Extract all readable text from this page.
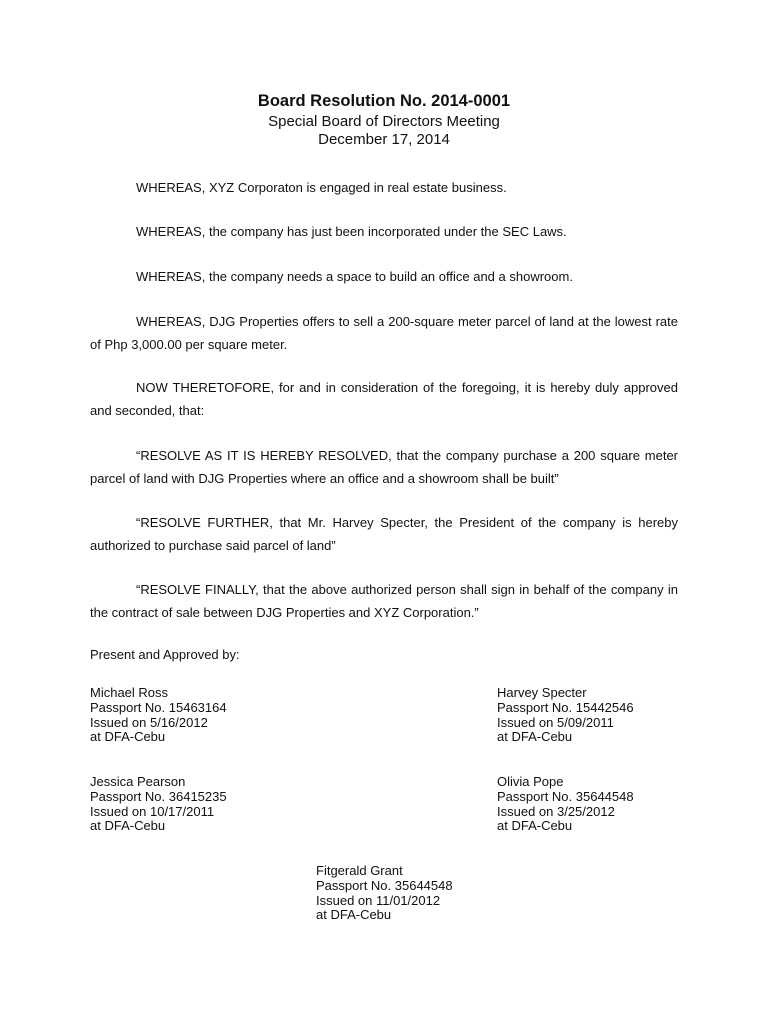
Board Resolution No. 2014-0001
Special Board of Directors Meeting
December 17, 2014
WHEREAS, XYZ Corporaton is engaged in real estate business.
WHEREAS, the company has just been incorporated under the SEC Laws.
WHEREAS, the company needs a space to build an office and a showroom.
WHEREAS, DJG Properties offers to sell a 200-square meter parcel of land at the lowest rate of Php 3,000.00 per square meter.
NOW THERETOFORE, for and in consideration of the foregoing, it is hereby duly approved and seconded, that:
“RESOLVE AS IT IS HEREBY RESOLVED, that the company purchase a 200 square meter parcel of land with DJG Properties where an office and a showroom shall be built”
“RESOLVE FURTHER, that Mr. Harvey Specter, the President of the company is hereby authorized to purchase said parcel of land”
“RESOLVE FINALLY, that the above authorized person shall sign in behalf of the company in the contract of sale between DJG Properties and XYZ Corporation.”
Present and Approved by:
Michael Ross
Passport No. 15463164
Issued on 5/16/2012
at DFA-Cebu
Harvey Specter
Passport No. 15442546
Issued on 5/09/2011
at DFA-Cebu
Jessica Pearson
Passport No. 36415235
Issued on 10/17/2011
at DFA-Cebu
Olivia Pope
Passport No. 35644548
Issued on 3/25/2012
at DFA-Cebu
Fitgerald Grant
Passport No. 35644548
Issued on 11/01/2012
at DFA-Cebu
